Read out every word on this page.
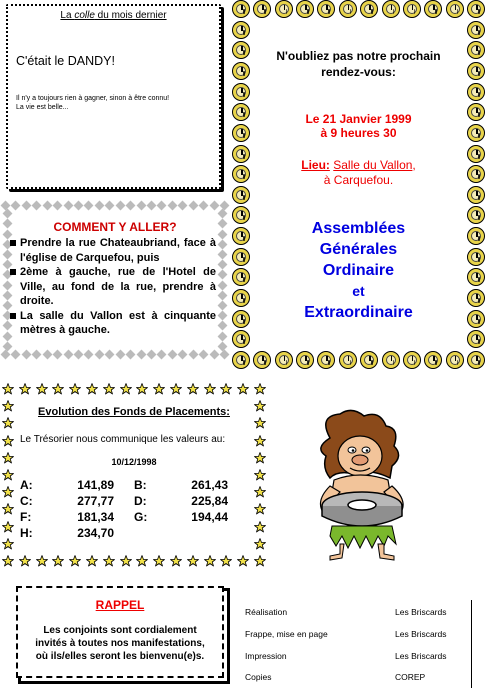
La colle du mois dernier
C'était le DANDY!
Il n'y a toujours rien à gagner, sinon à être connu!
La vie est belle...
N'oubliez pas notre prochain
rendez-vous:
Le 21 Janvier 1999
à 9 heures 30
Lieu: Salle du Vallon,
à Carquefou.
Assemblées
Générales
Ordinaire
et
Extraordinaire
COMMENT Y ALLER?
Prendre la rue Chateaubriand, face à l'église de Carquefou, puis
2ème à gauche, rue de l'Hotel de Ville, au fond de la rue, prendre à droite.
La salle du Vallon est à cinquante mètres à gauche.
Evolution des Fonds de Placements:
Le Trésorier nous communique les valeurs au:
10/12/1998
A:	141,89 B:	261,43
C:	277,77 D:	225,84
F:	181,34 G:	194,44
H:	234,70
RAPPEL
Les conjoints sont cordialement
invités à toutes nos manifestations,
où ils/elles seront les bienvenu(e)s.
Réalisation	Les Briscards
Frappe, mise en page	Les Briscards
Impression	Les Briscards
Copies	COREP
